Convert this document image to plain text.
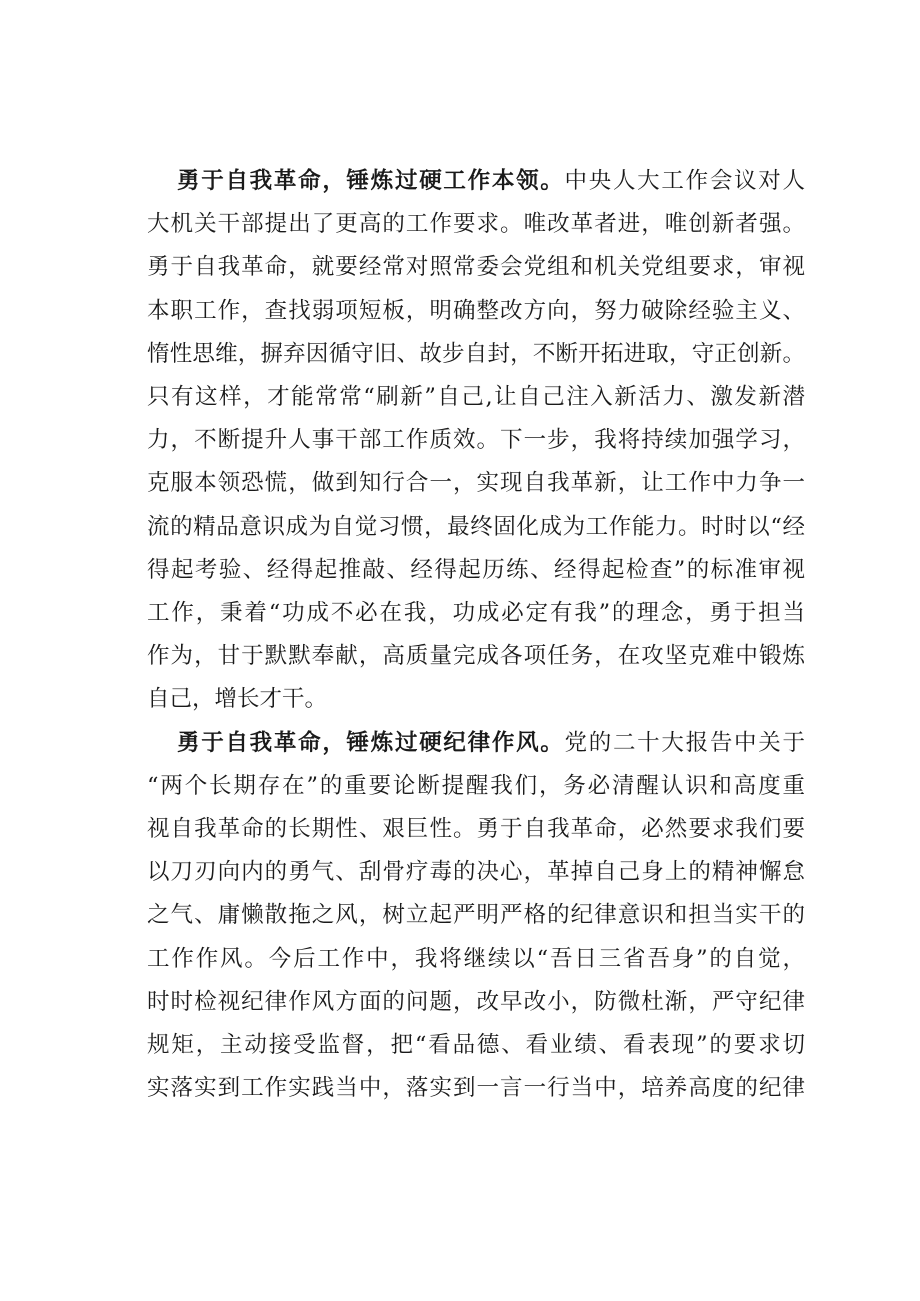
勇于自我革命，锤炼过硬工作本领。中央人大工作会议对人
大机关干部提出了更高的工作要求。唯改革者进，唯创新者强。
勇于自我革命，就要经常对照常委会党组和机关党组要求，审视
本职工作，查找弱项短板，明确整改方向，努力破除经验主义、
惰性思维，摒弃因循守旧、故步自封，不断开拓进取，守正创新。
只有这样，才能常常“刷新”自己,让自己注入新活力、激发新潜
力，不断提升人事干部工作质效。下一步，我将持续加强学习，
克服本领恐慌，做到知行合一，实现自我革新，让工作中力争一
流的精品意识成为自觉习惯，最终固化成为工作能力。时时以“经
得起考验、经得起推敲、经得起历练、经得起检查”的标准审视
工作，秉着“功成不必在我，功成必定有我”的理念，勇于担当
作为，甘于默默奉献，高质量完成各项任务，在攻坚克难中锻炼
自己，增长才干。
勇于自我革命，锤炼过硬纪律作风。党的二十大报告中关于
“两个长期存在”的重要论断提醒我们，务必清醒认识和高度重
视自我革命的长期性、艰巨性。勇于自我革命，必然要求我们要
以刀刃向内的勇气、刮骨疗毒的决心，革掉自己身上的精神懈怠
之气、庸懒散拖之风，树立起严明严格的纪律意识和担当实干的
工作作风。今后工作中，我将继续以“吾日三省吾身”的自觉，
时时检视纪律作风方面的问题，改早改小，防微杜渐，严守纪律
规矩，主动接受监督，把“看品德、看业绩、看表现”的要求切
实落实到工作实践当中，落实到一言一行当中，培养高度的纪律
